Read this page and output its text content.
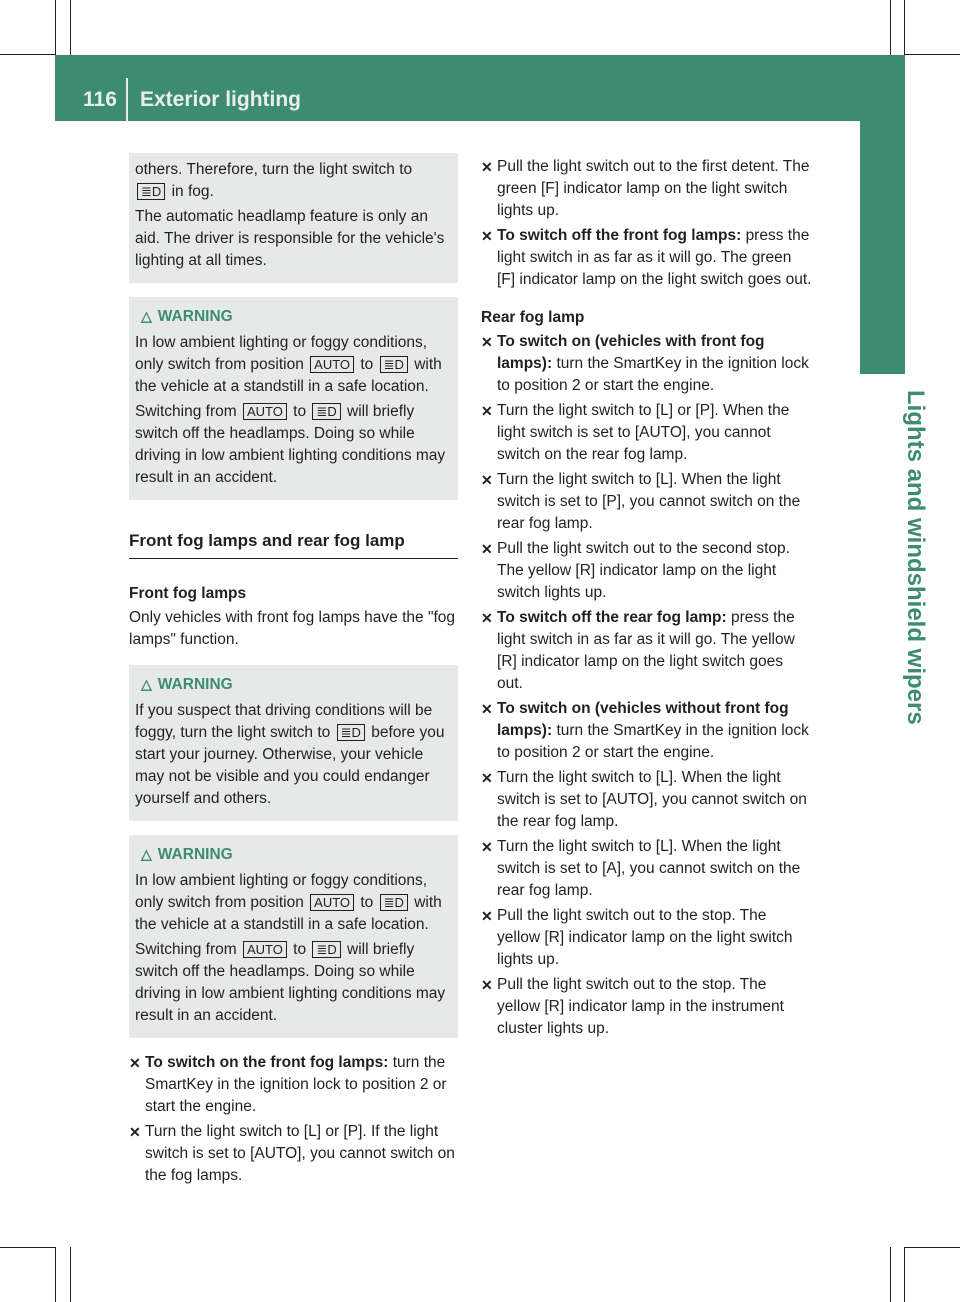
116 Exterior lighting
Lights and windshield wipers

others. Therefore, turn the light switch to
≣D in fog.

The automatic headlamp feature is only an aid. The driver is responsible for the vehicle's lighting at all times.

△ WARNING

In low ambient lighting or foggy conditions, only switch from position AUTO to ≣D with the vehicle at a standstill in a safe location.

Switching from AUTO to ≣D will briefly switch off the headlamps. Doing so while driving in low ambient lighting conditions may result in an accident.

Front fog lamps and rear fog lamp
Front fog lamps

Only vehicles with front fog lamps have the "fog lamps" function.

△ WARNING

If you suspect that driving conditions will be foggy, turn the light switch to ≣D before you start your journey. Otherwise, your vehicle may not be visible and you could endanger yourself and others.

△ WARNING

In low ambient lighting or foggy conditions, only switch from position AUTO to ≣D with the vehicle at a standstill in a safe location.

Switching from AUTO to ≣D will briefly switch off the headlamps. Doing so while driving in low ambient lighting conditions may result in an accident.

✕ To switch on the front fog lamps: turn the SmartKey in the ignition lock to position 2 or start the engine.
✕ Turn the light switch to [L] or [P]. If the light switch is set to [AUTO], you cannot switch on the fog lamps.
✕ Pull the light switch out to the first detent. The green [F] indicator lamp on the light switch lights up.
✕ To switch off the front fog lamps: press the light switch in as far as it will go. The green [F] indicator lamp on the light switch goes out.
Rear fog lamp
✕ To switch on (vehicles with front fog lamps): turn the SmartKey in the ignition lock to position 2 or start the engine.
✕ Turn the light switch to [L] or [P]. When the light switch is set to [AUTO], you cannot switch on the rear fog lamp.
✕ Turn the light switch to [L]. When the light switch is set to [P], you cannot switch on the rear fog lamp.
✕ Pull the light switch out to the second stop. The yellow [R] indicator lamp on the light switch lights up.
✕ To switch off the rear fog lamp: press the light switch in as far as it will go. The yellow [R] indicator lamp on the light switch goes out.
✕ To switch on (vehicles without front fog lamps): turn the SmartKey in the ignition lock to position 2 or start the engine.
✕ Turn the light switch to [L]. When the light switch is set to [AUTO], you cannot switch on the rear fog lamp.
✕ Turn the light switch to [L]. When the light switch is set to [A], you cannot switch on the rear fog lamp.
✕ Pull the light switch out to the stop. The yellow [R] indicator lamp on the light switch lights up.
✕ Pull the light switch out to the stop. The yellow [R] indicator lamp in the instrument cluster lights up.
